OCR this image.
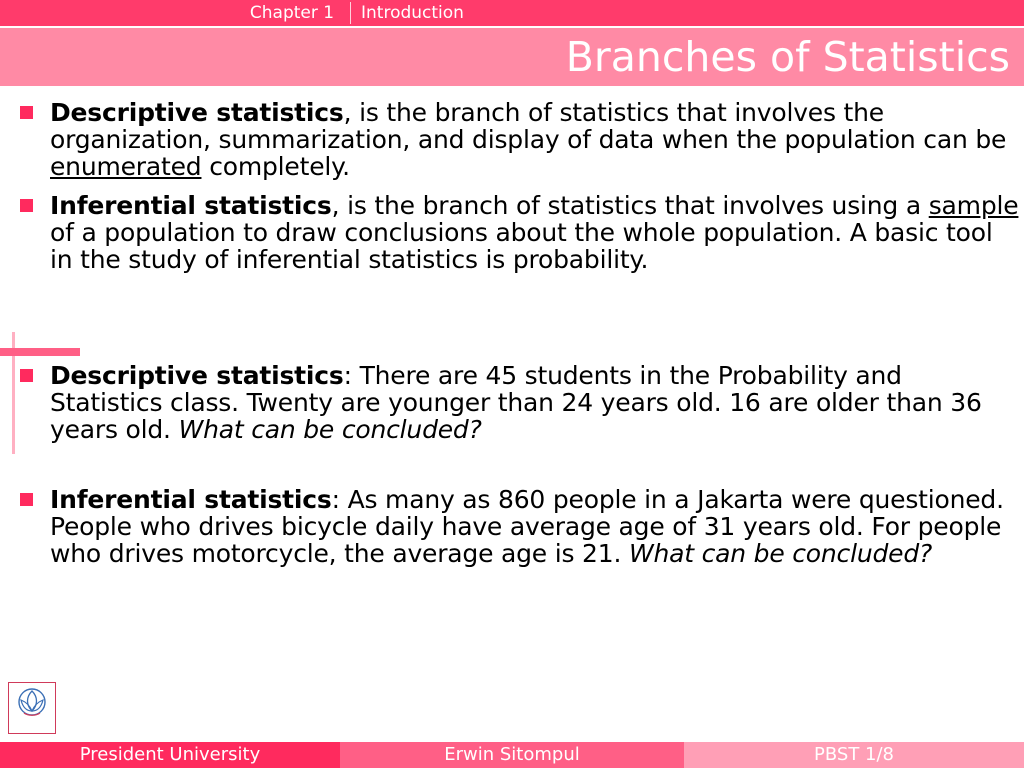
Chapter 1	Introduction
Branches of Statistics
Descriptive statistics, is the branch of statistics that involves the organization, summarization, and display of data when the population can be enumerated completely.
Inferential statistics, is the branch of statistics that involves using a sample of a population to draw conclusions about the whole population. A basic tool in the study of inferential statistics is probability.
Descriptive statistics: There are 45 students in the Probability and Statistics class. Twenty are younger than 24 years old. 16 are older than 36 years old. What can be concluded?
Inferential statistics: As many as 860 people in a Jakarta were questioned. People who drives bicycle daily have average age of 31 years old. For people who drives motorcycle, the average age is 21. What can be concluded?
President University	Erwin Sitompul	PBST 1/8
